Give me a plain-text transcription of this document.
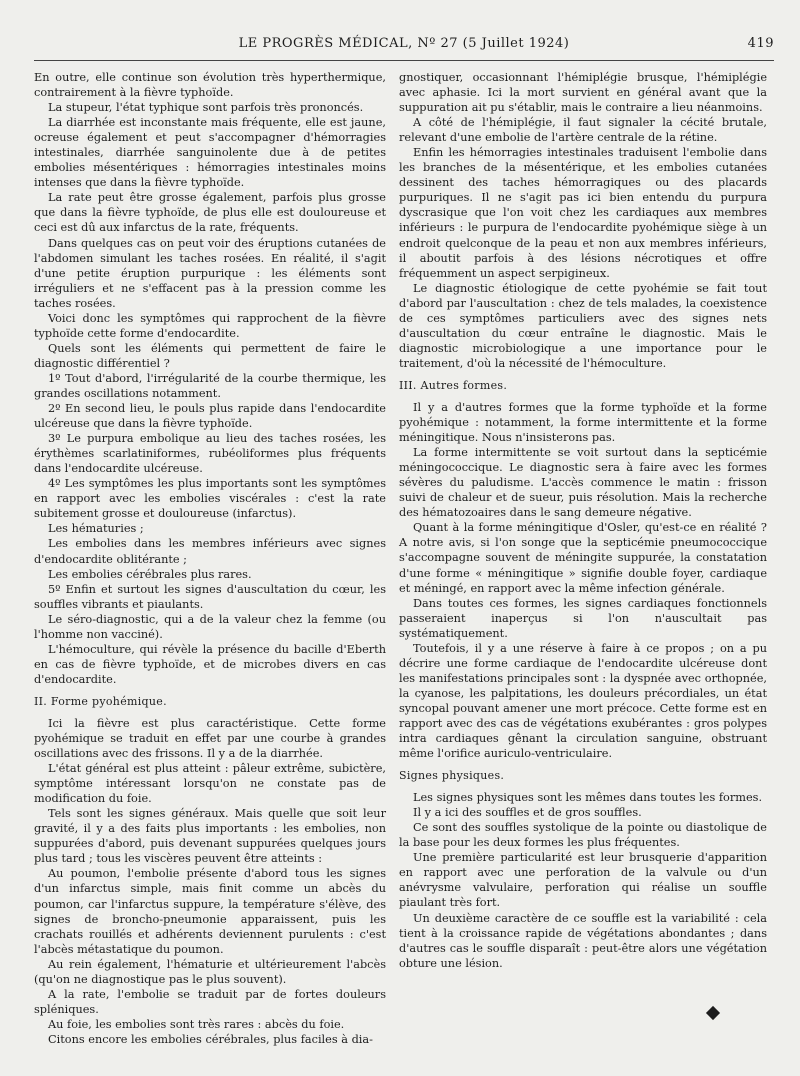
LE PROGRÈS MÉDICAL, Nº 27 (5 Juillet 1924)	419

En outre, elle continue son évolution très hyperthermique, contrairement à la fièvre typhoïde.

La stupeur, l'état typhique sont parfois très prononcés.

La diarrhée est inconstante mais fréquente, elle est jaune, ocreuse également et peut s'accompagner d'hémorragies intestinales, diarrhée sanguinolente due à de petites embolies mésentériques : hémorragies intestinales moins intenses que dans la fièvre typhoïde.

La rate peut être grosse également, parfois plus grosse que dans la fièvre typhoïde, de plus elle est douloureuse et ceci est dû aux infarctus de la rate, fréquents.

Dans quelques cas on peut voir des éruptions cutanées de l'abdomen simulant les taches rosées. En réalité, il s'agit d'une petite éruption purpurique : les éléments sont irréguliers et ne s'effacent pas à la pression comme les taches rosées.

Voici donc les symptômes qui rapprochent de la fièvre typhoïde cette forme d'endocardite.

Quels sont les éléments qui permettent de faire le diagnostic différentiel ?

1º Tout d'abord, l'irrégularité de la courbe thermique, les grandes oscillations notamment.

2º En second lieu, le pouls plus rapide dans l'endocardite ulcéreuse que dans la fièvre typhoïde.

3º Le purpura embolique au lieu des taches rosées, les érythèmes scarlatiniformes, rubéoliformes plus fréquents dans l'endocardite ulcéreuse.

4º Les symptômes les plus importants sont les symptômes en rapport avec les embolies viscérales : c'est la rate subitement grosse et douloureuse (infarctus).

Les hématuries ;

Les embolies dans les membres inférieurs avec signes d'endocardite oblitérante ;

Les embolies cérébrales plus rares.

5º Enfin et surtout les signes d'auscultation du cœur, les souffles vibrants et piaulants.

Le séro-diagnostic, qui a de la valeur chez la femme (ou l'homme non vacciné).

L'hémoculture, qui révèle la présence du bacille d'Eberth en cas de fièvre typhoïde, et de microbes divers en cas d'endocardite.

II. Forme pyohémique.

Ici la fièvre est plus caractéristique. Cette forme pyohémique se traduit en effet par une courbe à grandes oscillations avec des frissons. Il y a de la diarrhée.

L'état général est plus atteint : pâleur extrême, subictère, symptôme intéressant lorsqu'on ne constate pas de modification du foie.

Tels sont les signes généraux. Mais quelle que soit leur gravité, il y a des faits plus importants : les embolies, non suppurées d'abord, puis devenant suppurées quelques jours plus tard ; tous les viscères peuvent être atteints :

Au poumon, l'embolie présente d'abord tous les signes d'un infarctus simple, mais finit comme un abcès du poumon, car l'infarctus suppure, la température s'élève, des signes de broncho-pneumonie apparaissent, puis les crachats rouillés et adhérents deviennent purulents : c'est l'abcès métastatique du poumon.

Au rein également, l'hématurie et ultérieurement l'abcès (qu'on ne diagnostique pas le plus souvent).

A la rate, l'embolie se traduit par de fortes douleurs spléniques.

Au foie, les embolies sont très rares : abcès du foie.

Citons encore les embolies cérébrales, plus faciles à dia-

gnostiquer, occasionnant l'hémiplégie brusque, l'hémiplégie avec aphasie. Ici la mort survient en général avant que la suppuration ait pu s'établir, mais le contraire a lieu néanmoins.

A côté de l'hémiplégie, il faut signaler la cécité brutale, relevant d'une embolie de l'artère centrale de la rétine.

Enfin les hémorragies intestinales traduisent l'embolie dans les branches de la mésentérique, et les embolies cutanées dessinent des taches hémorragiques ou des placards purpuriques. Il ne s'agit pas ici bien entendu du purpura dyscrasique que l'on voit chez les cardiaques aux membres inférieurs : le purpura de l'endocardite pyohémique siège à un endroit quelconque de la peau et non aux membres inférieurs, il aboutit parfois à des lésions nécrotiques et offre fréquemment un aspect serpigineux.

Le diagnostic étiologique de cette pyohémie se fait tout d'abord par l'auscultation : chez de tels malades, la coexistence de ces symptômes particuliers avec des signes nets d'auscultation du cœur entraîne le diagnostic. Mais le diagnostic microbiologique a une importance pour le traitement, d'où la nécessité de l'hémoculture.

III. Autres formes.

Il y a d'autres formes que la forme typhoïde et la forme pyohémique : notamment, la forme intermittente et la forme méningitique. Nous n'insisterons pas.

La forme intermittente se voit surtout dans la septicémie méningococcique. Le diagnostic sera à faire avec les formes sévères du paludisme. L'accès commence le matin : frisson suivi de chaleur et de sueur, puis résolution. Mais la recherche des hématozoaires dans le sang demeure négative.

Quant à la forme méningitique d'Osler, qu'est-ce en réalité ? A notre avis, si l'on songe que la septicémie pneumococcique s'accompagne souvent de méningite suppurée, la constatation d'une forme « méningitique » signifie double foyer, cardiaque et méningé, en rapport avec la même infection générale.

Dans toutes ces formes, les signes cardiaques fonctionnels passeraient inaperçus si l'on n'auscultait pas systématiquement.

Toutefois, il y a une réserve à faire à ce propos ; on a pu décrire une forme cardiaque de l'endocardite ulcéreuse dont les manifestations principales sont : la dyspnée avec orthopnée, la cyanose, les palpitations, les douleurs précordiales, un état syncopal pouvant amener une mort précoce. Cette forme est en rapport avec des cas de végétations exubérantes : gros polypes intra cardiaques gênant la circulation sanguine, obstruant même l'orifice auriculo-ventriculaire.

Signes physiques.

Les signes physiques sont les mêmes dans toutes les formes.

Il y a ici des souffles et de gros souffles.

Ce sont des souffles systolique de la pointe ou diastolique de la base pour les deux formes les plus fréquentes.

Une première particularité est leur brusquerie d'apparition en rapport avec une perforation de la valvule ou d'un anévrysme valvulaire, perforation qui réalise un souffle piaulant très fort.

Un deuxième caractère de ce souffle est la variabilité : cela tient à la croissance rapide de végétations abondantes ; dans d'autres cas le souffle disparaît : peut-être alors une végétation obture une lésion.
